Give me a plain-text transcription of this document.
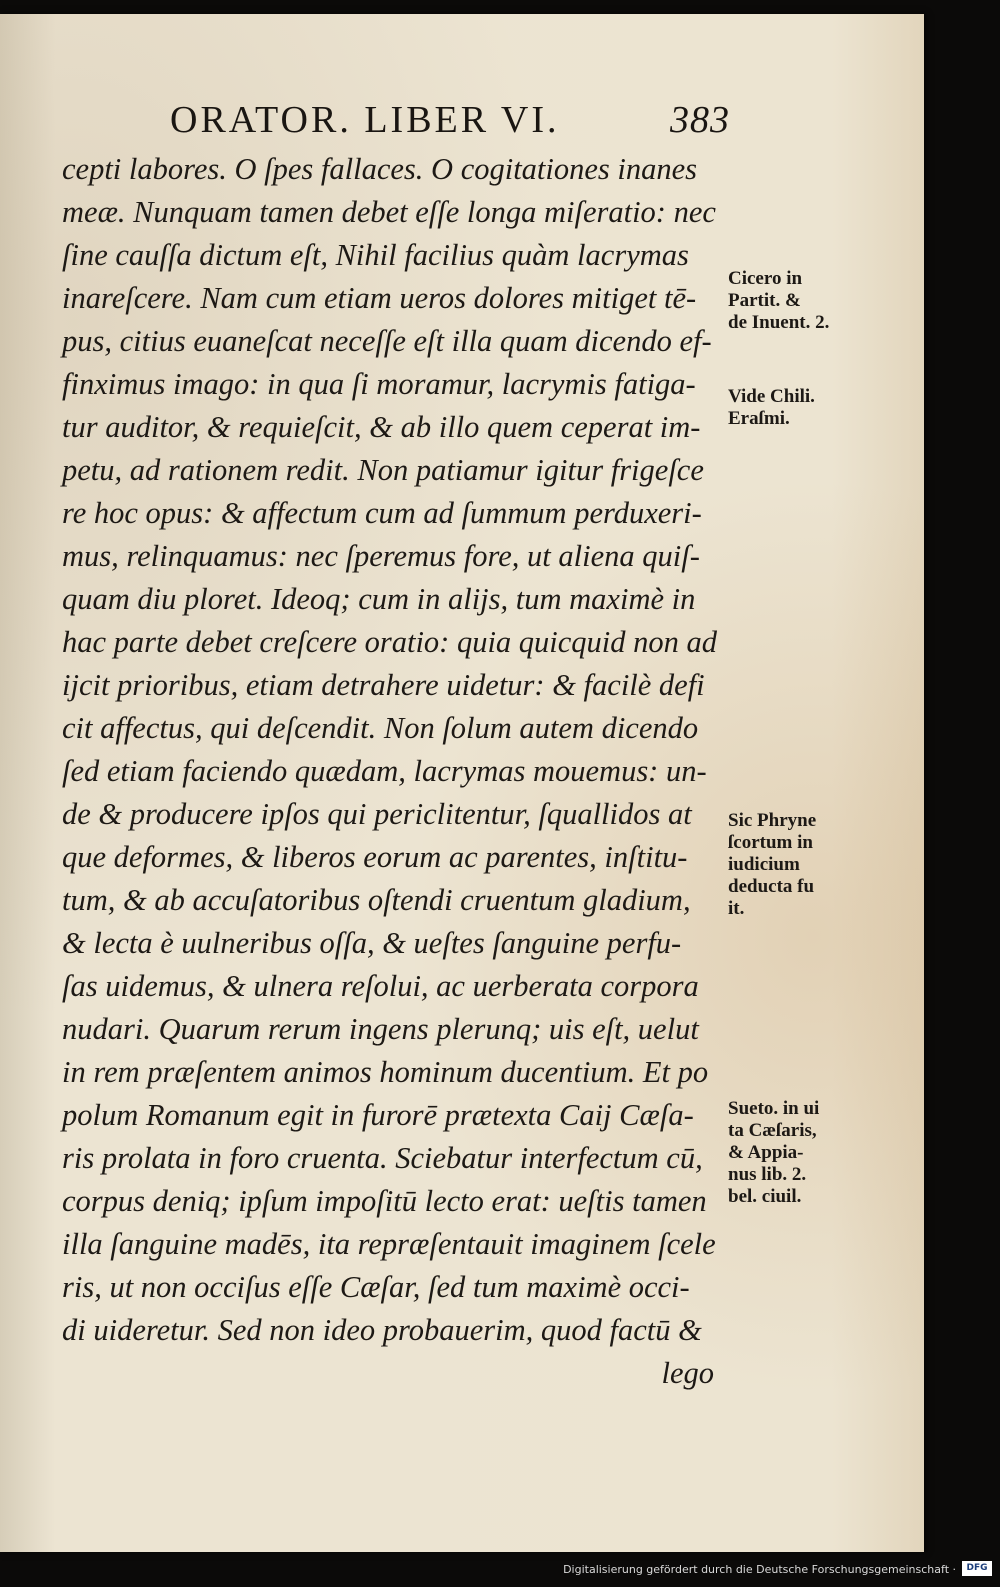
ORATOR. LIBER VI.	383
cepti labores. O ſpes fallaces. O cogitationes inanes
meæ. Nunquam tamen debet eſſe longa miſeratio: nec
ſine cauſſa dictum eſt, Nihil facilius quàm lacrymas
inareſcere. Nam cum etiam ueros dolores mitiget tē-
pus, citius euaneſcat neceſſe eſt illa quam dicendo ef-
finximus imago: in qua ſi moramur, lacrymis fatiga-
tur auditor, & requieſcit, & ab illo quem ceperat im-
petu, ad rationem redit. Non patiamur igitur frigeſce
re hoc opus: & affectum cum ad ſummum perduxeri-
mus, relinquamus: nec ſperemus fore, ut aliena quiſ-
quam diu ploret. Ideoq; cum in alijs, tum maximè in
hac parte debet creſcere oratio: quia quicquid non ad
ijcit prioribus, etiam detrahere uidetur: & facilè defi
cit affectus, qui deſcendit. Non ſolum autem dicendo
ſed etiam faciendo quædam, lacrymas mouemus: un-
de & producere ipſos qui periclitentur, ſquallidos at
que deformes, & liberos eorum ac parentes, inſtitu-
tum, & ab accuſatoribus oſtendi cruentum gladium,
& lecta è uulneribus oſſa, & ueſtes ſanguine perfu-
ſas uidemus, & ulnera reſolui, ac uerberata corpora
nudari. Quarum rerum ingens plerunq; uis eſt, uelut
in rem præſentem animos hominum ducentium. Et po
polum Romanum egit in furorē prætexta Caij Cæſa-
ris prolata in foro cruenta. Sciebatur interfectum cū,
corpus deniq; ipſum impoſitū lecto erat: ueſtis tamen
illa ſanguine madēs, ita repræſentauit imaginem ſcele
ris, ut non occiſus eſſe Cæſar, ſed tum maximè occi-
di uideretur. Sed non ideo probauerim, quod factū &
lego
Cicero in
Partit. &
de Inuent. 2.
Vide Chili.
Eraſmi.
Sic Phryne
ſcortum in
iudicium
deducta fu
it.
Sueto. in ui
ta Cæſaris,
& Appia-
nus lib. 2.
bel. ciuil.
Digitalisierung gefördert durch die Deutsche Forschungsgemeinschaft ·	DFG
